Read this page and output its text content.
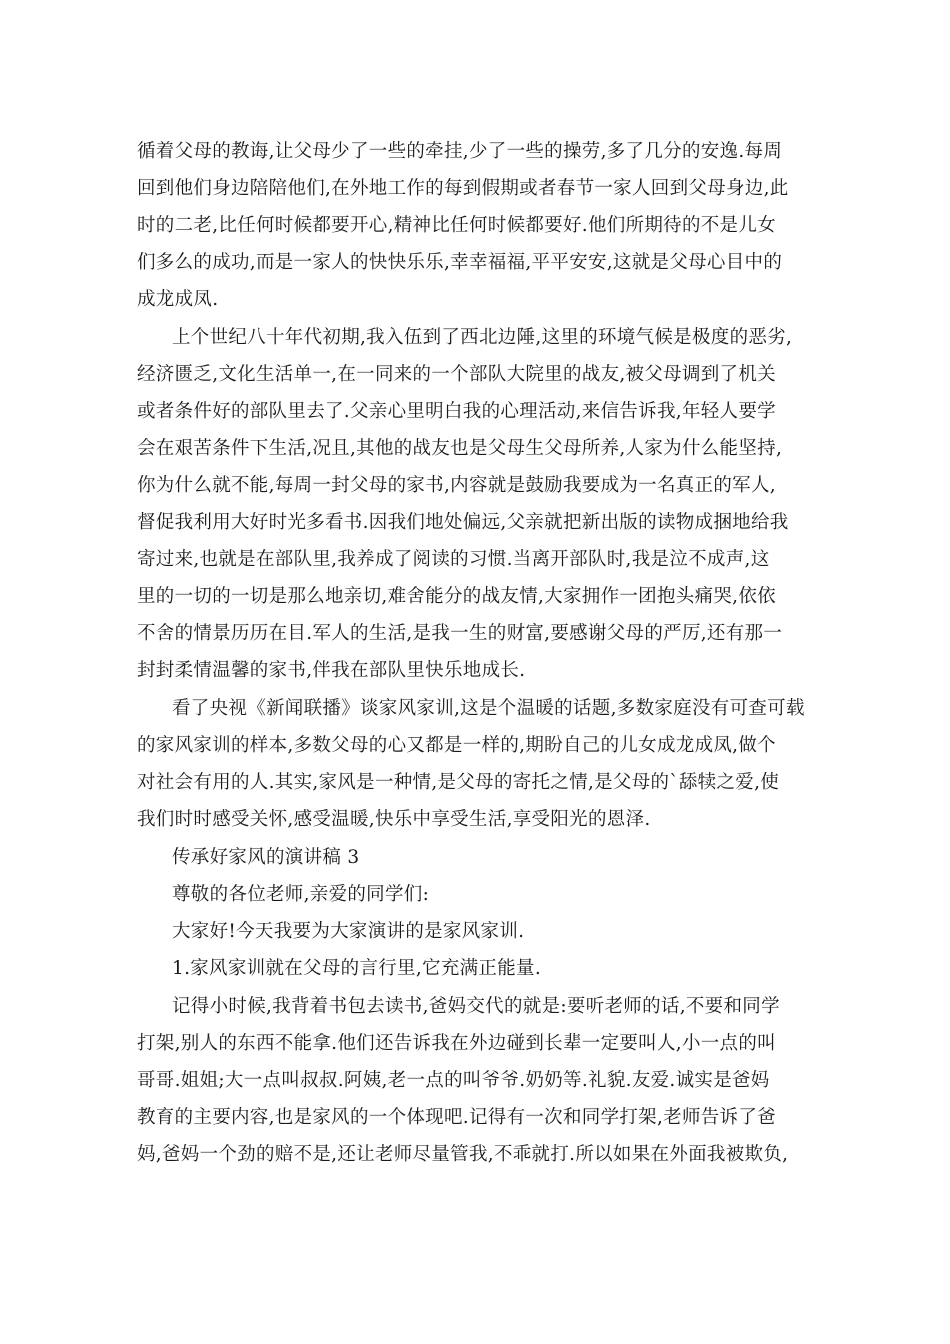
循着父母的教诲,让父母少了一些的牵挂,少了一些的操劳,多了几分的安逸.每周
回到他们身边陪陪他们,在外地工作的每到假期或者春节一家人回到父母身边,此
时的二老,比任何时候都要开心,精神比任何时候都要好.他们所期待的不是儿女
们多么的成功,而是一家人的快快乐乐,幸幸福福,平平安安,这就是父母心目中的
成龙成凤.
上个世纪八十年代初期,我入伍到了西北边陲,这里的环境气候是极度的恶劣,
经济匮乏,文化生活单一,在一同来的一个部队大院里的战友,被父母调到了机关
或者条件好的部队里去了.父亲心里明白我的心理活动,来信告诉我,年轻人要学
会在艰苦条件下生活,况且,其他的战友也是父母生父母所养,人家为什么能坚持,
你为什么就不能,每周一封父母的家书,内容就是鼓励我要成为一名真正的军人,
督促我利用大好时光多看书.因我们地处偏远,父亲就把新出版的读物成捆地给我
寄过来,也就是在部队里,我养成了阅读的习惯.当离开部队时,我是泣不成声,这
里的一切的一切是那么地亲切,难舍能分的战友情,大家拥作一团抱头痛哭,依依
不舍的情景历历在目.军人的生活,是我一生的财富,要感谢父母的严厉,还有那一
封封柔情温馨的家书,伴我在部队里快乐地成长.
看了央视《新闻联播》谈家风家训,这是个温暖的话题,多数家庭没有可查可载
的家风家训的样本,多数父母的心又都是一样的,期盼自己的儿女成龙成凤,做个
对社会有用的人.其实,家风是一种情,是父母的寄托之情,是父母的`舔犊之爱,使
我们时时感受关怀,感受温暖,快乐中享受生活,享受阳光的恩泽.
传承好家风的演讲稿 3
尊敬的各位老师,亲爱的同学们:
大家好!今天我要为大家演讲的是家风家训.
1.家风家训就在父母的言行里,它充满正能量.
记得小时候,我背着书包去读书,爸妈交代的就是:要听老师的话,不要和同学
打架,别人的东西不能拿.他们还告诉我在外边碰到长辈一定要叫人,小一点的叫
哥哥.姐姐;大一点叫叔叔.阿姨,老一点的叫爷爷.奶奶等.礼貌.友爱.诚实是爸妈
教育的主要内容,也是家风的一个体现吧.记得有一次和同学打架,老师告诉了爸
妈,爸妈一个劲的赔不是,还让老师尽量管我,不乖就打.所以如果在外面我被欺负,
